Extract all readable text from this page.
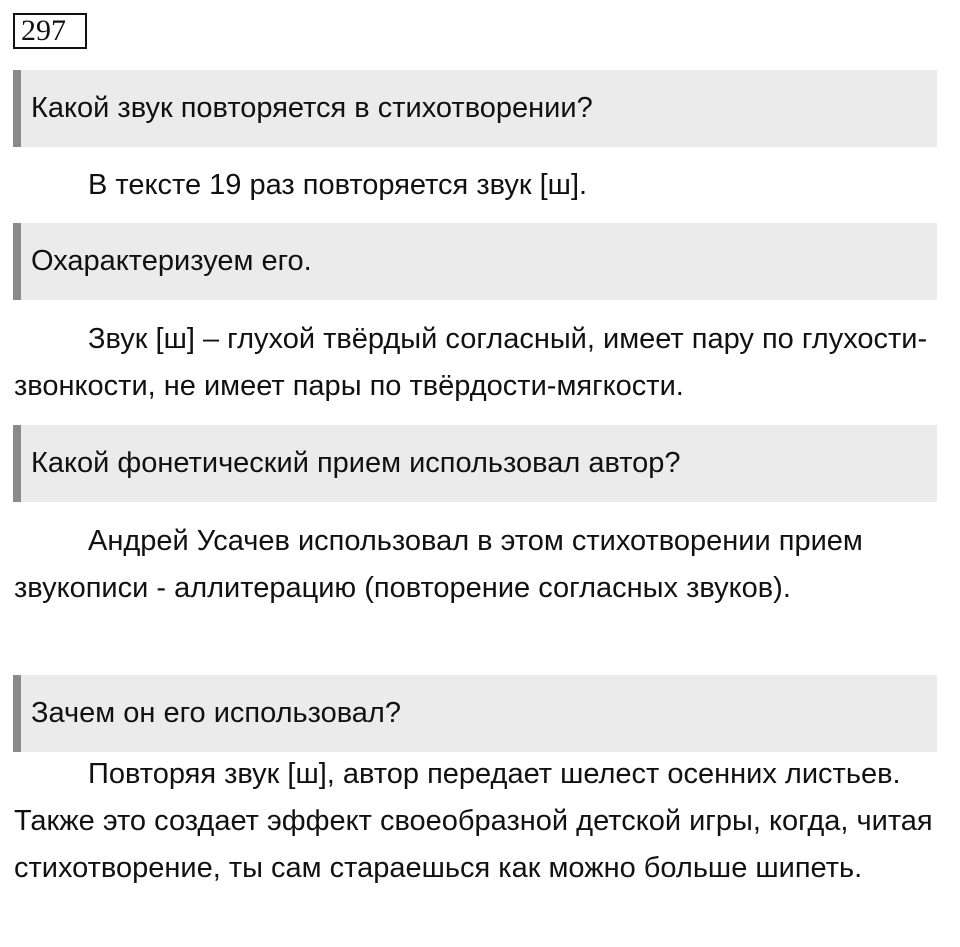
297
Какой звук повторяется в стихотворении?

В тексте 19 раз повторяется звук [ш].

Охарактеризуем его.

Звук [ш] – глухой твёрдый согласный, имеет пару по глухости-звонкости, не имеет пары по твёрдости-мягкости.

Какой фонетический прием использовал автор?

Андрей Усачев использовал в этом стихотворении прием звукописи - аллитерацию (повторение согласных звуков).

Зачем он его использовал?

Повторяя звук [ш], автор передает шелест осенних листьев. Также это создает эффект своеобразной детской игры, когда, читая стихотворение, ты сам стараешься как можно больше шипеть.
